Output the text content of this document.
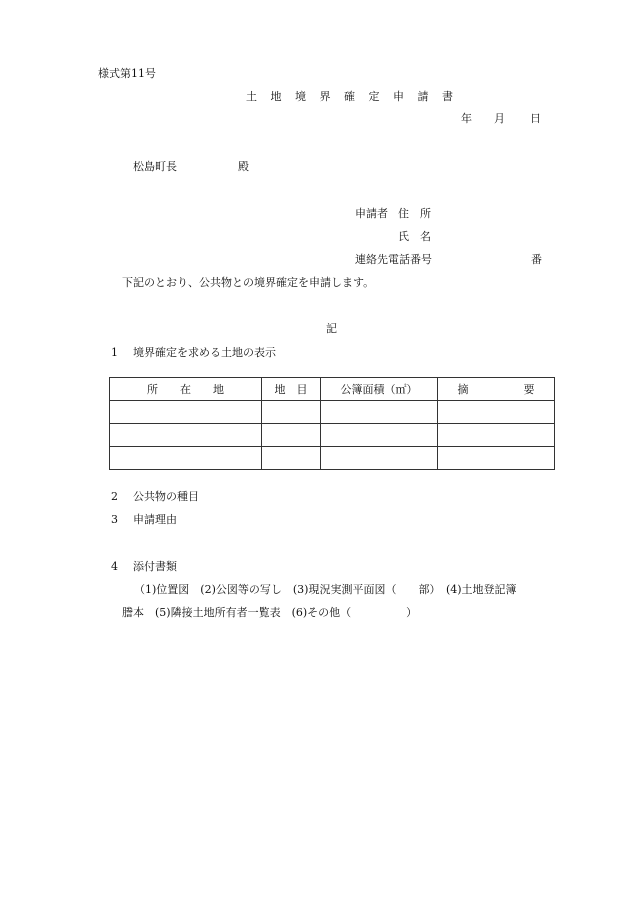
様式第11号
土 地 境 界 確 定 申 請 書
年 月 日
松島町長	殿
申請者 住　所
氏　名
連絡先電話番号	番
下記のとおり、公共物との境界確定を申請します。
記
1 境界確定を求める土地の表示
所　　在　　地	地　目	公簿面積（㎡）	摘　　　　　要

2 公共物の種目
3 申請理由
4 添付書類
（1)位置図　(2)公図等の写し　(3)現況実測平面図（　　部）　(4)土地登記簿
謄本　(5)隣接土地所有者一覧表　(6)その他（　　　　　）
